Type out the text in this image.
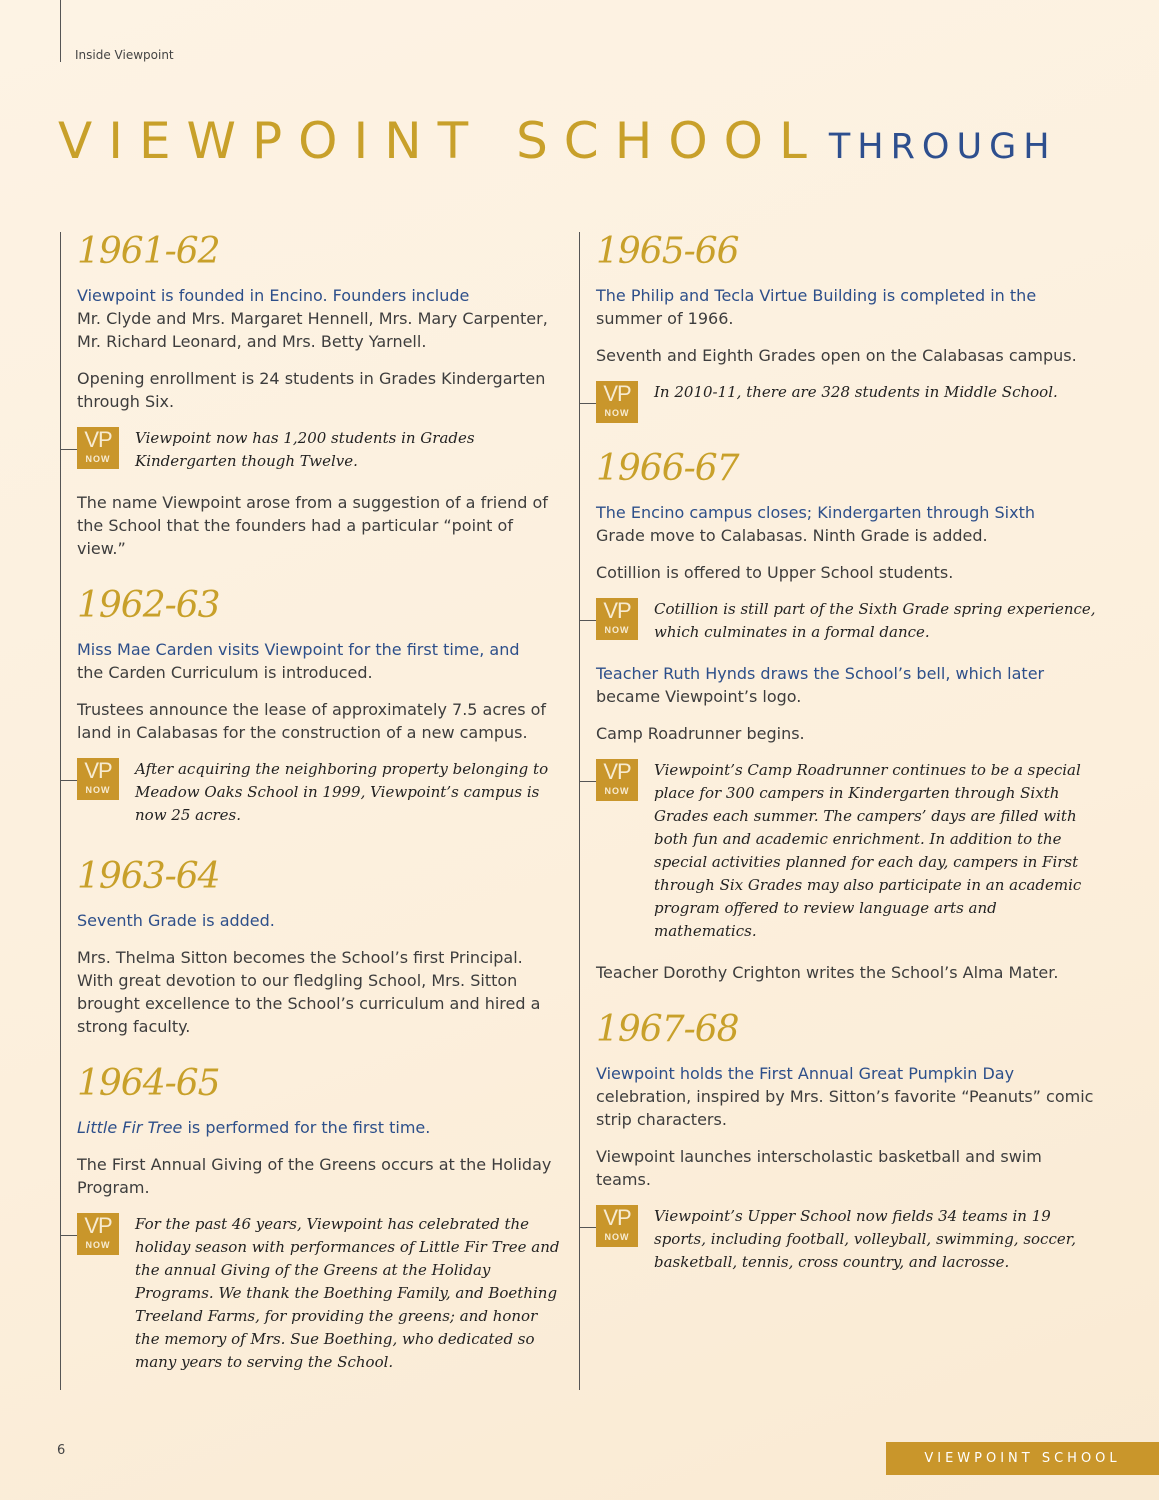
Inside Viewpoint
VIEWPOINT SCHOOL THROUGH
1961-62
Viewpoint is founded in Encino. Founders include
Mr. Clyde and Mrs. Margaret Hennell, Mrs. Mary Carpenter, Mr. Richard Leonard, and Mrs. Betty Yarnell.

Opening enrollment is 24 students in Grades Kindergarten through Six.

VP
NOW
Viewpoint now has 1,200 students in Grades Kindergarten though Twelve.

The name Viewpoint arose from a suggestion of a friend of the School that the founders had a particular “point of view.”

1962-63
Miss Mae Carden visits Viewpoint for the first time, and
the Carden Curriculum is introduced.

Trustees announce the lease of approximately 7.5 acres of land in Calabasas for the construction of a new campus.

VP
NOW
After acquiring the neighboring property belonging to Meadow Oaks School in 1999, Viewpoint’s campus is now 25 acres.
1963-64
Seventh Grade is added.

Mrs. Thelma Sitton becomes the School’s first Principal. With great devotion to our fledgling School, Mrs. Sitton brought excellence to the School’s curriculum and hired a strong faculty.

1964-65
Little Fir Tree is performed for the first time.

The First Annual Giving of the Greens occurs at the Holiday Program.

VP
NOW
For the past 46 years, Viewpoint has celebrated the holiday season with performances of Little Fir Tree and the annual Giving of the Greens at the Holiday Programs. We thank the Boething Family, and Boething Treeland Farms, for providing the greens; and honor the memory of Mrs. Sue Boething, who dedicated so many years to serving the School.
1965-66
The Philip and Tecla Virtue Building is completed in the
summer of 1966.

Seventh and Eighth Grades open on the Calabasas campus.

VP
NOW
In 2010-11, there are 328 students in Middle School.
1966-67
The Encino campus closes; Kindergarten through Sixth
Grade move to Calabasas. Ninth Grade is added.

Cotillion is offered to Upper School students.

VP
NOW
Cotillion is still part of the Sixth Grade spring experience, which culminates in a formal dance.
Teacher Ruth Hynds draws the School’s bell, which later
became Viewpoint’s logo.

Camp Roadrunner begins.

VP
NOW
Viewpoint’s Camp Roadrunner continues to be a special place for 300 campers in Kindergarten through Sixth Grades each summer. The campers’ days are filled with both fun and academic enrichment. In addition to the special activities planned for each day, campers in First through Six Grades may also participate in an academic program offered to review language arts and mathematics.

Teacher Dorothy Crighton writes the School’s Alma Mater.

1967-68
Viewpoint holds the First Annual Great Pumpkin Day
celebration, inspired by Mrs. Sitton’s favorite “Peanuts” comic strip characters.

Viewpoint launches interscholastic basketball and swim teams.

VP
NOW
Viewpoint’s Upper School now fields 34 teams in 19 sports, including football, volleyball, swimming, soccer, basketball, tennis, cross country, and lacrosse.
6
VIEWPOINT SCHOOL
